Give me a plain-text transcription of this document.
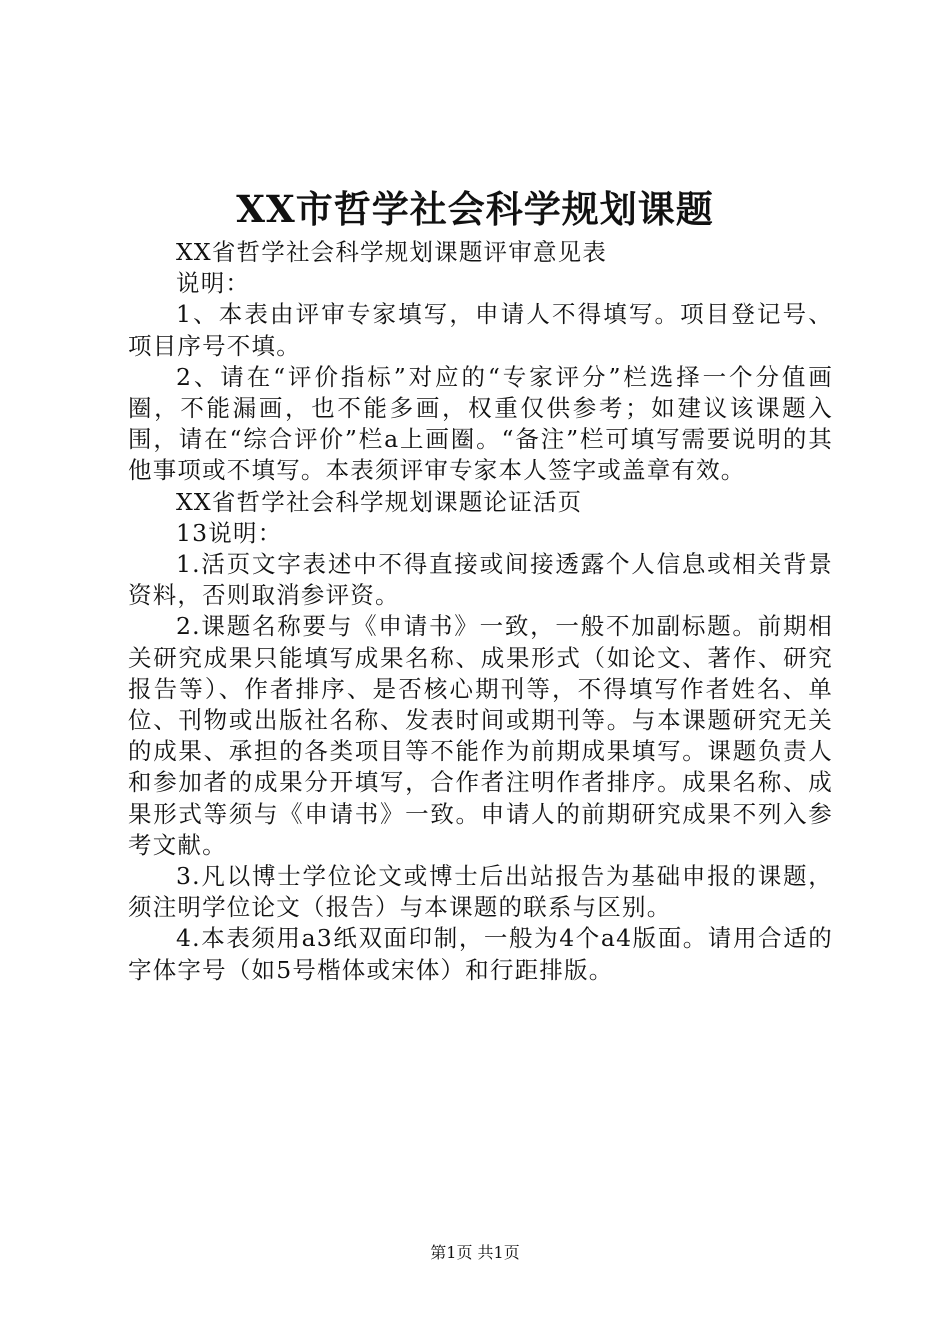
XX市哲学社会科学规划课题

XX省哲学社会科学规划课题评审意见表

说明：

1、本表由评审专家填写，申请人不得填写。项目登记号、项目序号不填。

2、请在“评价指标”对应的“专家评分”栏选择一个分值画圈，不能漏画，也不能多画，权重仅供参考；如建议该课题入围，请在“综合评价”栏a上画圈。“备注”栏可填写需要说明的其他事项或不填写。本表须评审专家本人签字或盖章有效。

XX省哲学社会科学规划课题论证活页

13说明：

1.活页文字表述中不得直接或间接透露个人信息或相关背景资料，否则取消参评资。

2.课题名称要与《申请书》一致，一般不加副标题。前期相关研究成果只能填写成果名称、成果形式（如论文、著作、研究报告等）、作者排序、是否核心期刊等，不得填写作者姓名、单位、刊物或出版社名称、发表时间或期刊等。与本课题研究无关的成果、承担的各类项目等不能作为前期成果填写。课题负责人和参加者的成果分开填写，合作者注明作者排序。成果名称、成果形式等须与《申请书》一致。申请人的前期研究成果不列入参考文献。

3.凡以博士学位论文或博士后出站报告为基础申报的课题，须注明学位论文（报告）与本课题的联系与区别。

4.本表须用a3纸双面印制，一般为4个a4版面。请用合适的字体字号（如5号楷体或宋体）和行距排版。

第1页 共1页
